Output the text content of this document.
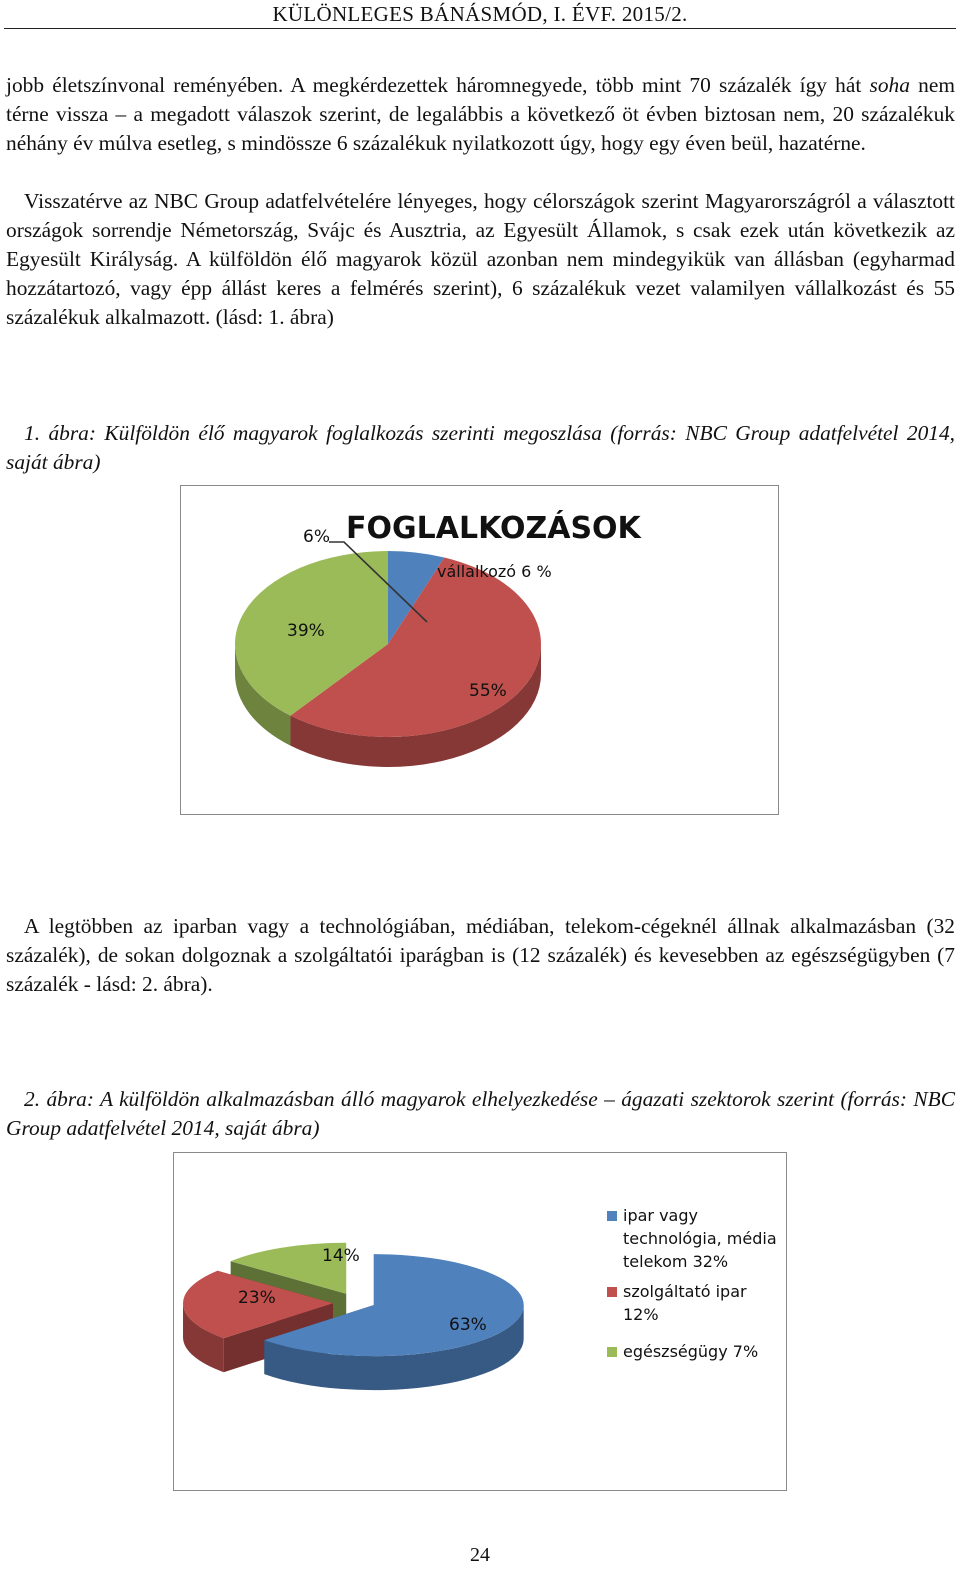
KÜLÖNLEGES BÁNÁSMÓD, I. ÉVF. 2015/2.

jobb életszínvonal reményében. A megkérdezettek háromnegyede, több mint 70 százalék így hát soha nem térne vissza – a megadott válaszok szerint, de legalábbis a következő öt évben biztosan nem, 20 százalékuk néhány év múlva esetleg, s mindössze 6 százalékuk nyilatkozott úgy, hogy egy éven beül, hazatérne.

Visszatérve az NBC Group adatfelvételére lényeges, hogy célországok szerint Magyarországról a választott országok sorrendje Németország, Svájc és Ausztria, az Egyesült Államok, s csak ezek után következik az Egyesült Királyság. A külföldön élő magyarok közül azonban nem mindegyikük van állásban (egyharmad hozzátartozó, vagy épp állást keres a felmérés szerint), 6 százalékuk vezet valamilyen vállalkozást és 55 százalékuk alkalmazott. (lásd: 1. ábra)

1. ábra: Külföldön élő magyarok foglalkozás szerinti megoszlása (forrás: NBC Group adatfelvétel 2014, saját ábra)

FOGLALKOZÁSOK
vállalkozó 6 %
6%
55%
39%

A legtöbben az iparban vagy a technológiában, médiában, telekom-cégeknél állnak alkalmazásban (32 százalék), de sokan dolgoznak a szolgáltatói iparágban is (12 százalék) és kevesebben az egészségügyben (7 százalék - lásd: 2. ábra).

2. ábra: A külföldön alkalmazásban álló magyarok elhelyezkedése – ágazati szektorok szerint (forrás: NBC Group adatfelvétel 2014, saját ábra)

63%
23%
14%
ipar vagy
technológia, média
telekom 32%
szolgáltató ipar
12%
egészségügy 7%
24
